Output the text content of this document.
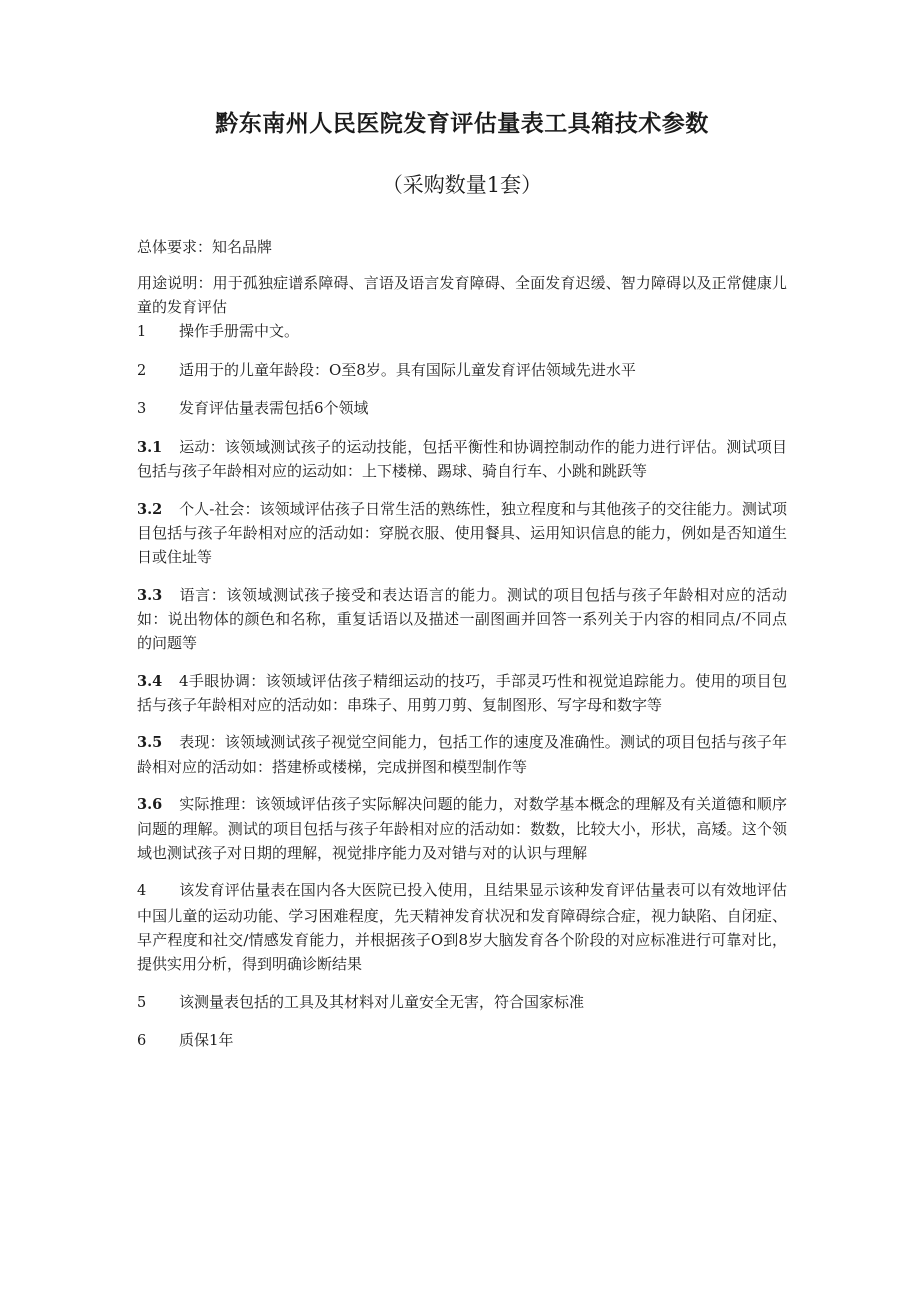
黔东南州人民医院发育评估量表工具箱技术参数
（采购数量1套）

总体要求：知名品牌

用途说明：用于孤独症谱系障碍、言语及语言发育障碍、全面发育迟缓、智力障碍以及正常健康儿童的发育评估

1 操作手册需中文。

2 适用于的儿童年龄段：O至8岁。具有国际儿童发育评估领域先进水平

3 发育评估量表需包括6个领域

3.1 运动：该领域测试孩子的运动技能，包括平衡性和协调控制动作的能力进行评估。测试项目包括与孩子年龄相对应的运动如：上下楼梯、踢球、骑自行车、小跳和跳跃等

3.2 个人-社会：该领域评估孩子日常生活的熟练性，独立程度和与其他孩子的交往能力。测试项目包括与孩子年龄相对应的活动如：穿脱衣服、使用餐具、运用知识信息的能力，例如是否知道生日或住址等

3.3 语言：该领域测试孩子接受和表达语言的能力。测试的项目包括与孩子年龄相对应的活动如：说出物体的颜色和名称，重复话语以及描述一副图画并回答一系列关于内容的相同点/不同点的问题等

3.4 4手眼协调：该领域评估孩子精细运动的技巧，手部灵巧性和视觉追踪能力。使用的项目包括与孩子年龄相对应的活动如：串珠子、用剪刀剪、复制图形、写字母和数字等

3.5 表现：该领域测试孩子视觉空间能力，包括工作的速度及准确性。测试的项目包括与孩子年龄相对应的活动如：搭建桥或楼梯，完成拼图和模型制作等

3.6 实际推理：该领域评估孩子实际解决问题的能力，对数学基本概念的理解及有关道德和顺序问题的理解。测试的项目包括与孩子年龄相对应的活动如：数数，比较大小，形状，高矮。这个领域也测试孩子对日期的理解，视觉排序能力及对错与对的认识与理解

4 该发育评估量表在国内各大医院已投入使用，且结果显示该种发育评估量表可以有效地评估中国儿童的运动功能、学习困难程度，先天精神发育状况和发育障碍综合症，视力缺陷、自闭症、早产程度和社交/情感发育能力，并根据孩子O到8岁大脑发育各个阶段的对应标准进行可靠对比，提供实用分析，得到明确诊断结果

5 该测量表包括的工具及其材料对儿童安全无害，符合国家标准

6 质保1年
